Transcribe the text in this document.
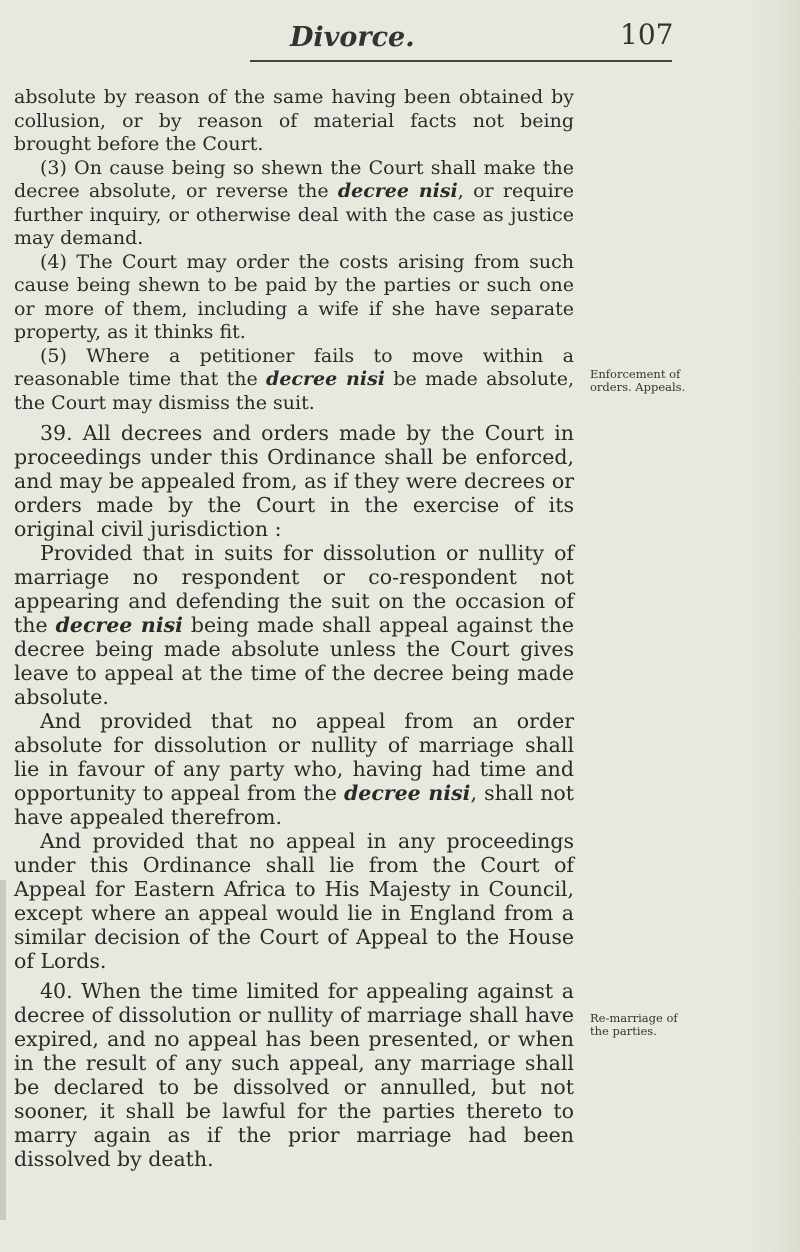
Divorce.	107

absolute by reason of the same having been obtained by collusion, or by reason of material facts not being brought before the Court.

(3) On cause being so shewn the Court shall make the decree absolute, or reverse the decree nisi, or require further inquiry, or otherwise deal with the case as justice may demand.

(4) The Court may order the costs arising from such cause being shewn to be paid by the parties or such one or more of them, including a wife if she have separate property, as it thinks fit.

(5) Where a petitioner fails to move within a reasonable time that the decree nisi be made absolute, the Court may dismiss the suit.

39. All decrees and orders made by the Court in proceedings under this Ordinance shall be enforced, and may be appealed from, as if they were decrees or orders made by the Court in the exercise of its original civil jurisdiction :

Provided that in suits for dissolution or nullity of marriage no respondent or co-respondent not appearing and defending the suit on the occasion of the decree nisi being made shall appeal against the decree being made absolute unless the Court gives leave to appeal at the time of the decree being made absolute.

And provided that no appeal from an order absolute for dissolution or nullity of marriage shall lie in favour of any party who, having had time and opportunity to appeal from the decree nisi, shall not have appealed therefrom.

And provided that no appeal in any proceedings under this Ordinance shall lie from the Court of Appeal for Eastern Africa to His Majesty in Council, except where an appeal would lie in England from a similar decision of the Court of Appeal to the House of Lords.

40. When the time limited for appealing against a decree of dissolution or nullity of marriage shall have expired, and no appeal has been presented, or when in the result of any such appeal, any marriage shall be declared to be dissolved or annulled, but not sooner, it shall be lawful for the parties thereto to marry again as if the prior marriage had been dissolved by death.

Enforcement of orders. Appeals.
Re-marriage of the parties.
